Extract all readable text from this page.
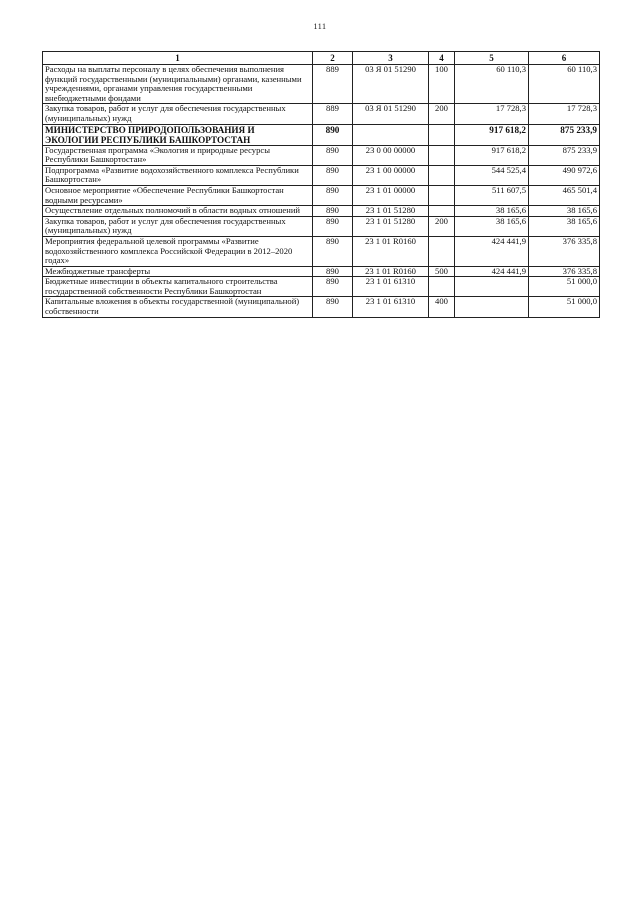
111
1	2	3	4	5	6
Расходы на выплаты персоналу в целях обеспечения выполнения функций государственными (муниципальными) органами, казенными учреждениями, органами управления государственными внебюджетными фондами	889	03 Я 01 51290	100	60 110,3	60 110,3
Закупка товаров, работ и услуг для обеспечения государственных (муниципальных) нужд	889	03 Я 01 51290	200	17 728,3	17 728,3
МИНИСТЕРСТВО ПРИРОДОПОЛЬЗОВАНИЯ И ЭКОЛОГИИ РЕСПУБЛИКИ БАШКОРТОСТАН	890			917 618,2	875 233,9
Государственная программа «Экология и природные ресурсы Республики Башкортостан»	890	23 0 00 00000		917 618,2	875 233,9
Подпрограмма «Развитие водохозяйственного комплекса Республики Башкортостан»	890	23 1 00 00000		544 525,4	490 972,6
Основное мероприятие «Обеспечение Республики Башкортостан водными ресурсами»	890	23 1 01 00000		511 607,5	465 501,4
Осуществление отдельных полномочий в области водных отношений	890	23 1 01 51280		38 165,6	38 165,6
Закупка товаров, работ и услуг для обеспечения государственных (муниципальных) нужд	890	23 1 01 51280	200	38 165,6	38 165,6
Мероприятия федеральной целевой программы «Развитие водохозяйственного комплекса Российской Федерации в 2012–2020 годах»	890	23 1 01 R0160		424 441,9	376 335,8
Межбюджетные трансферты	890	23 1 01 R0160	500	424 441,9	376 335,8
Бюджетные инвестиции в объекты капитального строительства государственной собственности Республики Башкортостан	890	23 1 01 61310			51 000,0
Капитальные вложения в объекты государственной (муниципальной) собственности	890	23 1 01 61310	400		51 000,0
